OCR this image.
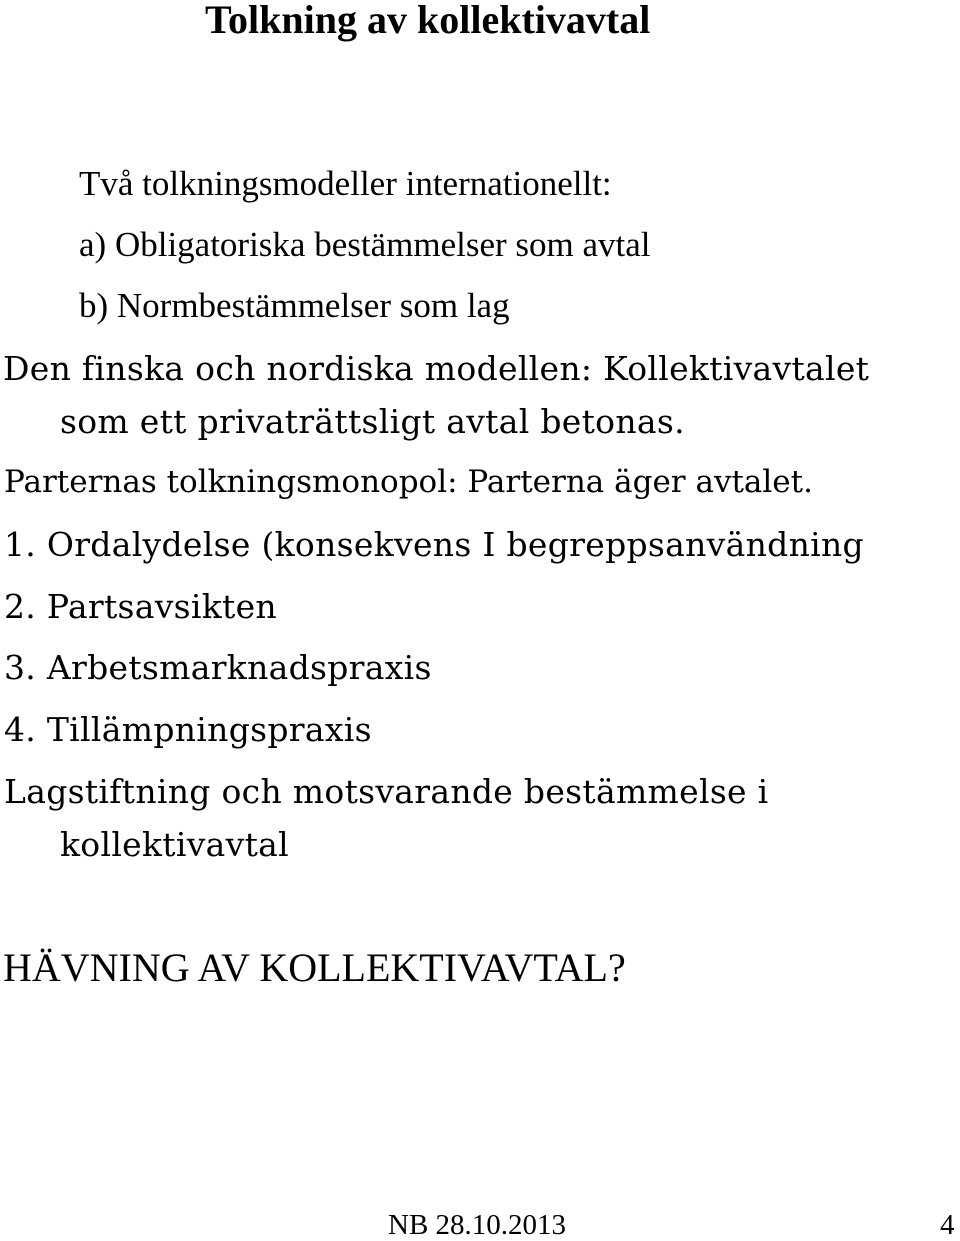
Tolkning av kollektivavtal

Två tolkningsmodeller internationellt:

a) Obligatoriska bestämmelser som avtal

b) Normbestämmelser som lag

Den finska och nordiska modellen: Kollektivavtalet

som ett privaträttsligt avtal betonas.

Parternas tolkningsmonopol: Parterna äger avtalet.

1. Ordalydelse (konsekvens I begreppsanvändning

2. Partsavsikten

3. Arbetsmarknadspraxis

4. Tillämpningspraxis

Lagstiftning och motsvarande bestämmelse i

kollektivavtal

HÄVNING AV KOLLEKTIVAVTAL?

NB 28.10.2013	4
